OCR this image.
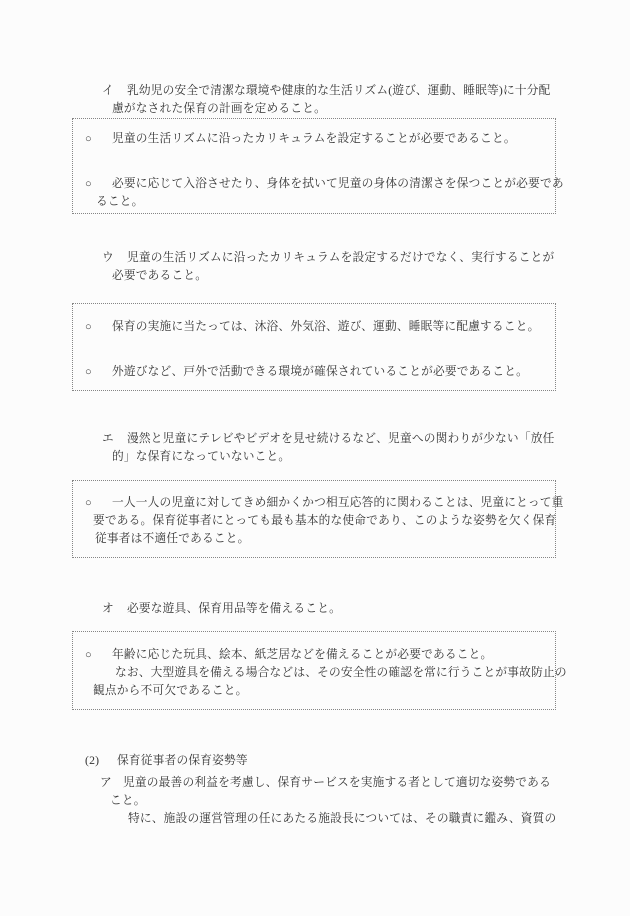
イ 乳幼児の安全で清潔な環境や健康的な生活リズム(遊び、運動、睡眠等)に十分配
慮がなされた保育の計画を定めること。
○ 児童の生活リズムに沿ったカリキュラムを設定することが必要であること。
○ 必要に応じて入浴させたり、身体を拭いて児童の身体の清潔さを保つことが必要であ
ること。
ウ 児童の生活リズムに沿ったカリキュラムを設定するだけでなく、実行することが
必要であること。
○ 保育の実施に当たっては、沐浴、外気浴、遊び、運動、睡眠等に配慮すること。
○ 外遊びなど、戸外で活動できる環境が確保されていることが必要であること。
エ 漫然と児童にテレビやビデオを見せ続けるなど、児童への関わりが少ない「放任
的」な保育になっていないこと。
○ 一人一人の児童に対してきめ細かくかつ相互応答的に関わることは、児童にとって重
要である。保育従事者にとっても最も基本的な使命であり、このような姿勢を欠く保育
従事者は不適任であること。
オ 必要な遊具、保育用品等を備えること。
○ 年齢に応じた玩具、絵本、紙芝居などを備えることが必要であること。
なお、大型遊具を備える場合などは、その安全性の確認を常に行うことが事故防止の
観点から不可欠であること。
(2) 保育従事者の保育姿勢等
ア 児童の最善の利益を考慮し、保育サービスを実施する者として適切な姿勢である
こと。
特に、施設の運営管理の任にあたる施設長については、その職責に鑑み、資質の
